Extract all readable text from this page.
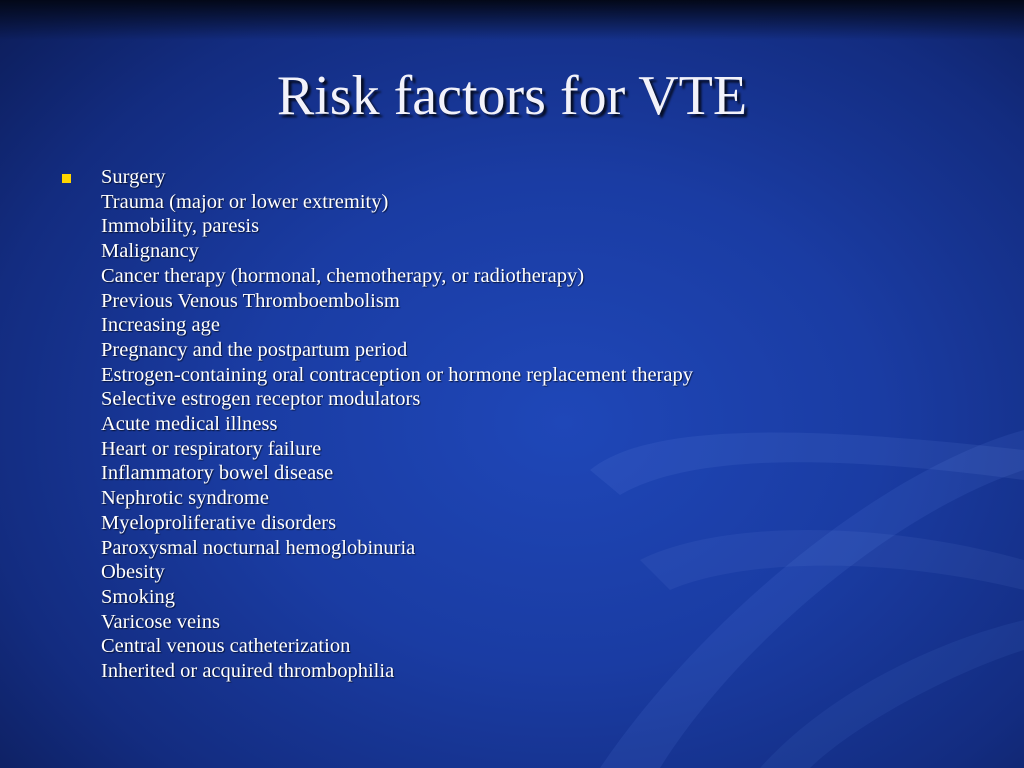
Risk factors for VTE
Surgery
Trauma (major or lower extremity)
Immobility, paresis
Malignancy
Cancer therapy (hormonal, chemotherapy, or radiotherapy)
Previous Venous Thromboembolism
Increasing age
Pregnancy and the postpartum period
Estrogen-containing oral contraception or hormone replacement therapy
Selective estrogen receptor modulators
Acute medical illness
Heart or respiratory failure
Inflammatory bowel disease
Nephrotic syndrome
Myeloproliferative disorders
Paroxysmal nocturnal hemoglobinuria
Obesity
Smoking
Varicose veins
Central venous catheterization
Inherited or acquired thrombophilia
